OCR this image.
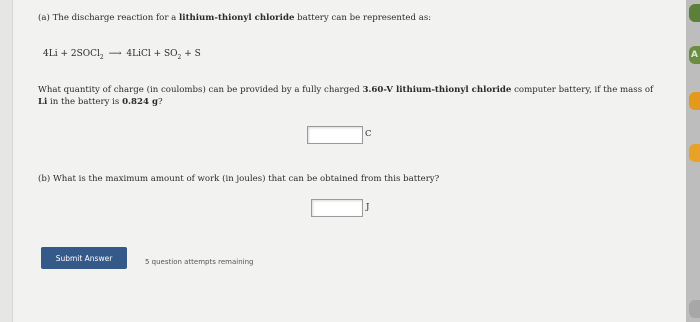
A
(a) The discharge reaction for a lithium-thionyl chloride battery can be represented as:
4Li + 2SOCl$_2$ ⟶ 4LiCl + $SO_2 + S$
What quantity of charge (in coulombs) can be provided by a fully charged 3.60-V lithium-thionyl chloride computer battery, if the mass of Li in the battery is 0.824 g?
C
(b) What is the maximum amount of work (in joules) that can be obtained from this battery?
J
Submit Answer	5 question attempts remaining
